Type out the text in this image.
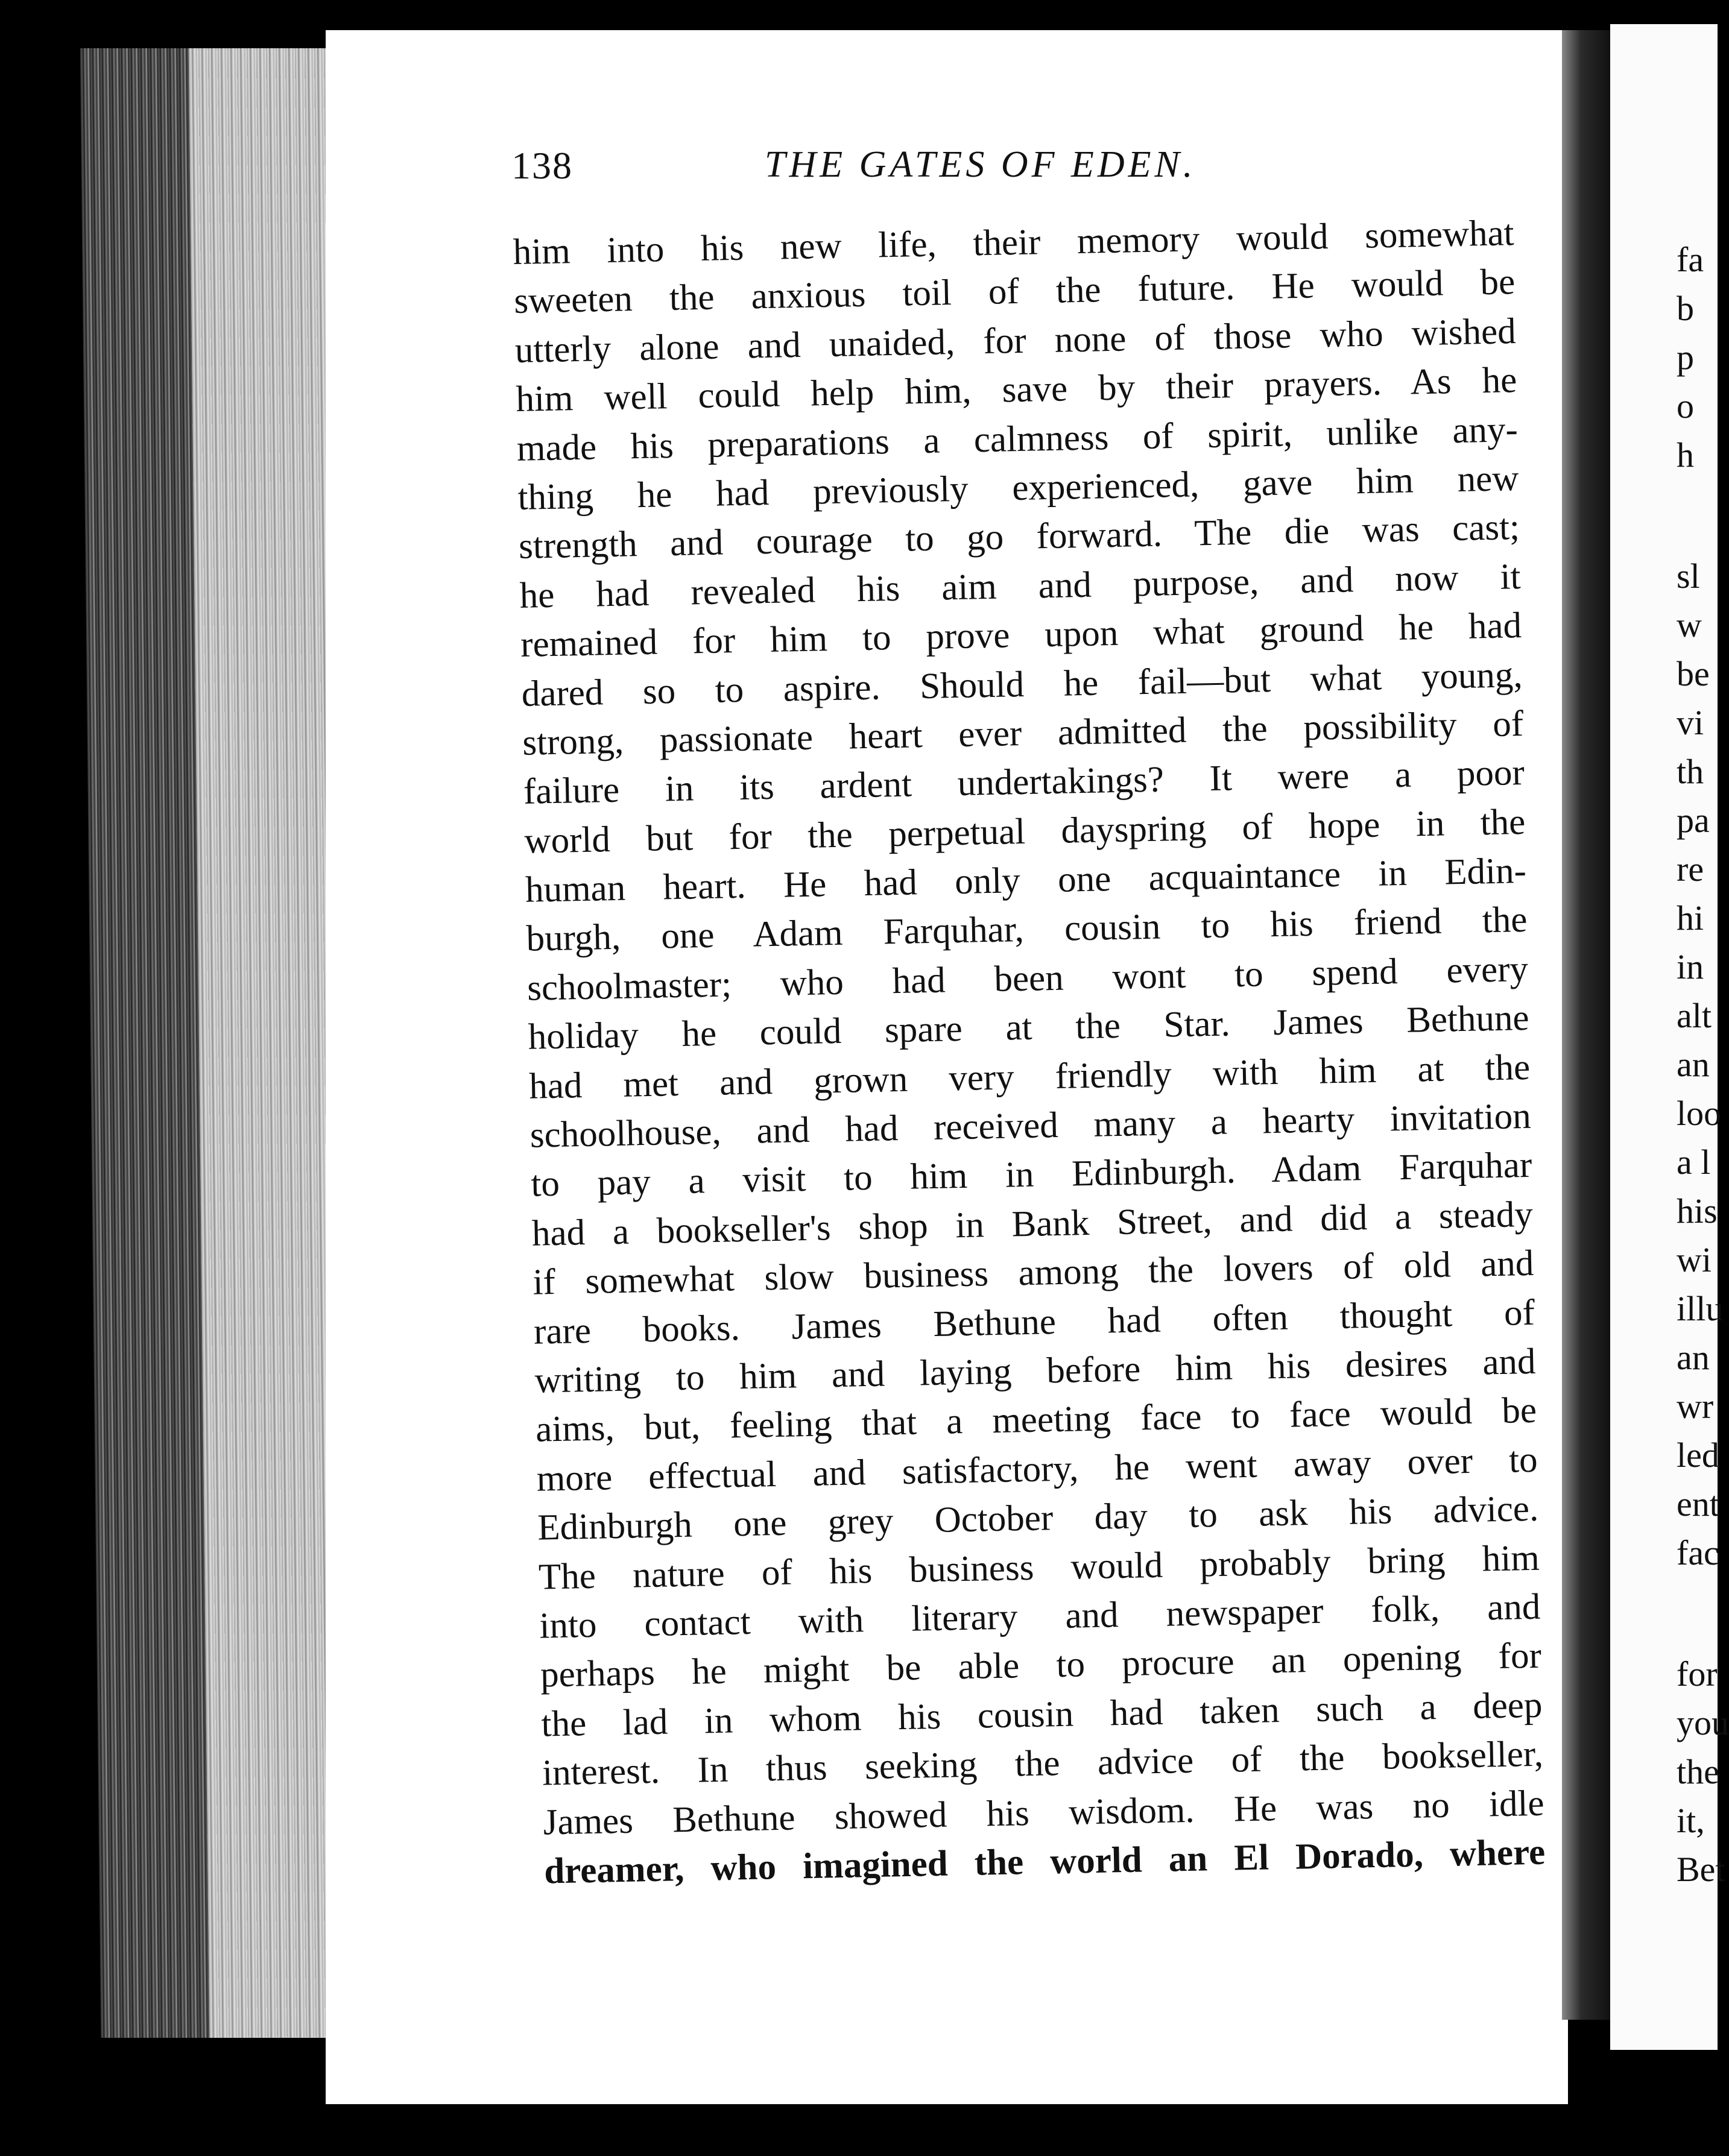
138	THE GATES OF EDEN.
him into his new life, their memory would somewhat
sweeten the anxious toil of the future. He would be
utterly alone and unaided, for none of those who wished
him well could help him, save by their prayers. As he
made his preparations a calmness of spirit, unlike any-
thing he had previously experienced, gave him new
strength and courage to go forward. The die was cast;
he had revealed his aim and purpose, and now it
remained for him to prove upon what ground he had
dared so to aspire. Should he fail—but what young,
strong, passionate heart ever admitted the possibility of
failure in its ardent undertakings? It were a poor
world but for the perpetual dayspring of hope in the
human heart. He had only one acquaintance in Edin-
burgh, one Adam Farquhar, cousin to his friend the
schoolmaster; who had been wont to spend every
holiday he could spare at the Star. James Bethune
had met and grown very friendly with him at the
schoolhouse, and had received many a hearty invitation
to pay a visit to him in Edinburgh. Adam Farquhar
had a bookseller's shop in Bank Street, and did a steady
if somewhat slow business among the lovers of old and
rare books. James Bethune had often thought of
writing to him and laying before him his desires and
aims, but, feeling that a meeting face to face would be
more effectual and satisfactory, he went away over to
Edinburgh one grey October day to ask his advice.
The nature of his business would probably bring him
into contact with literary and newspaper folk, and
perhaps he might be able to procure an opening for
the lad in whom his cousin had taken such a deep
interest. In thus seeking the advice of the bookseller,
James Bethune showed his wisdom. He was no idle
dreamer, who imagined the world an El Dorado, where
fa
b
p
o
h
sl
w
be
vi
th
pa
re
hi
in
alt
an
loo
a l
his
wi
illu
an
wr
led
ent
fac
for
you
the
it,
Bet
